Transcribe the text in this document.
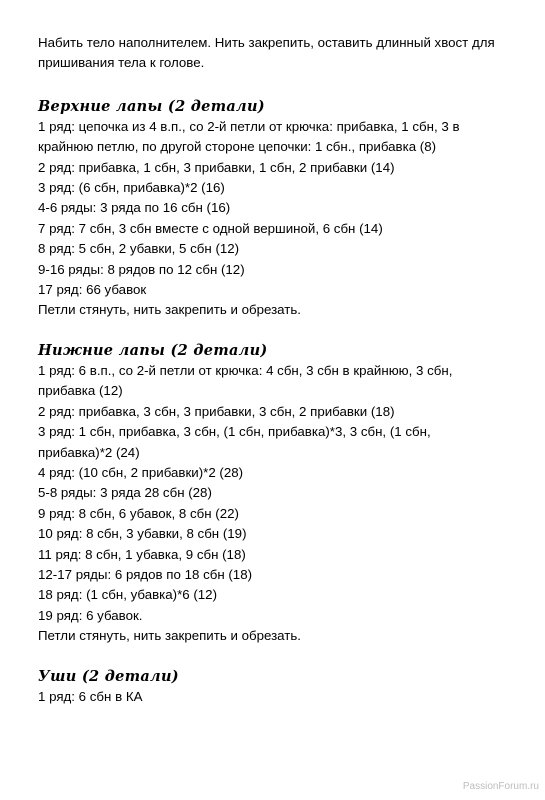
Набить тело наполнителем. Нить закрепить, оставить длинный хвост для

пришивания тела к голове.

Верхние лапы (2 детали)

1 ряд: цепочка из 4 в.п., со 2-й петли от крючка: прибавка, 1 сбн, 3 в

крайнюю петлю, по другой стороне цепочки: 1 сбн., прибавка (8)

2 ряд: прибавка, 1 сбн, 3 прибавки, 1 сбн, 2 прибавки (14)

3 ряд: (6 сбн, прибавка)*2 (16)

4-6 ряды: 3 ряда по 16 сбн (16)

7 ряд: 7 сбн, 3 сбн вместе с одной вершиной, 6 сбн (14)

8 ряд: 5 сбн, 2 убавки, 5 сбн (12)

9-16 ряды: 8 рядов по 12 сбн (12)

17 ряд: 66 убавок

Петли стянуть, нить закрепить и обрезать.

Нижние лапы (2 детали)

1 ряд: 6 в.п., со 2-й петли от крючка: 4 сбн, 3 сбн в крайнюю, 3 сбн,

прибавка (12)

2 ряд: прибавка, 3 сбн, 3 прибавки, 3 сбн, 2 прибавки (18)

3 ряд: 1 сбн, прибавка, 3 сбн, (1 сбн, прибавка)*3, 3 сбн, (1 сбн,

прибавка)*2 (24)

4 ряд: (10 сбн, 2 прибавки)*2 (28)

5-8 ряды: 3 ряда 28 сбн (28)

9 ряд: 8 сбн, 6 убавок, 8 сбн (22)

10 ряд: 8 сбн, 3 убавки, 8 сбн (19)

11 ряд: 8 сбн, 1 убавка, 9 сбн (18)

12-17 ряды: 6 рядов по 18 сбн (18)

18 ряд: (1 сбн, убавка)*6 (12)

19 ряд: 6 убавок.

Петли стянуть, нить закрепить и обрезать.

Уши (2 детали)

1 ряд: 6 сбн в КА

PassionForum.ru
